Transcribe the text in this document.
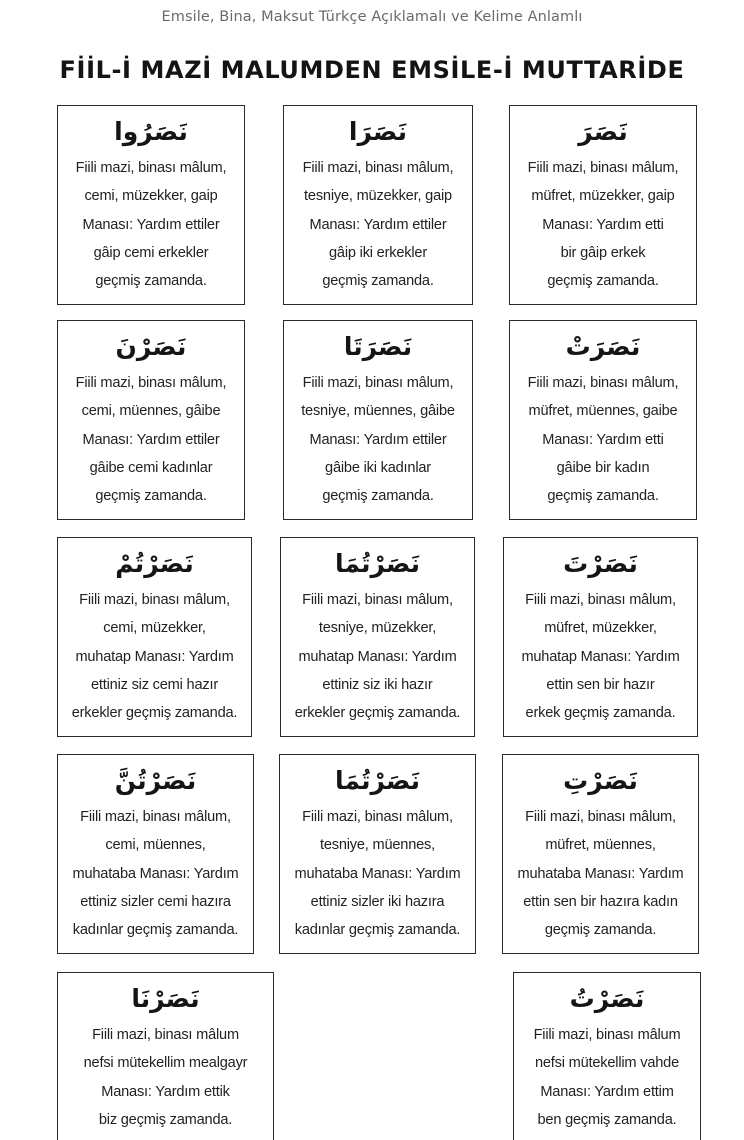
Emsile, Bina, Maksut Türkçe Açıklamalı ve Kelime Anlamlı
FİİL-İ MAZİ MALUMDEN EMSİLE-İ MUTTARİDE
نَصَرُوا
Fiili mazi, binası mâlum,
cemi, müzekker, gaip
Manası: Yardım ettiler
gâip cemi erkekler
geçmiş zamanda.
نَصَرَا
Fiili mazi, binası mâlum,
tesniye, müzekker, gaip
Manası: Yardım ettiler
gâip iki erkekler
geçmiş zamanda.
نَصَرَ
Fiili mazi, binası mâlum,
müfret, müzekker, gaip
Manası: Yardım etti
bir gâip erkek
geçmiş zamanda.
نَصَرْنَ
Fiili mazi, binası mâlum,
cemi, müennes, gâibe
Manası: Yardım ettiler
gâibe cemi kadınlar
geçmiş zamanda.
نَصَرَتَا
Fiili mazi, binası mâlum,
tesniye, müennes, gâibe
Manası: Yardım ettiler
gâibe iki kadınlar
geçmiş zamanda.
نَصَرَتْ
Fiili mazi, binası mâlum,
müfret, müennes, gaibe
Manası: Yardım etti
gâibe bir kadın
geçmiş zamanda.
نَصَرْتُمْ
Fiili mazi, binası mâlum,
cemi, müzekker,
muhatap Manası: Yardım
ettiniz siz cemi hazır
erkekler geçmiş zamanda.
نَصَرْتُمَا
Fiili mazi, binası mâlum,
tesniye, müzekker,
muhatap Manası: Yardım
ettiniz siz iki hazır
erkekler geçmiş zamanda.
نَصَرْتَ
Fiili mazi, binası mâlum,
müfret, müzekker,
muhatap Manası: Yardım
ettin sen bir hazır
erkek geçmiş zamanda.
نَصَرْتُنَّ
Fiili mazi, binası mâlum,
cemi, müennes,
muhataba Manası: Yardım
ettiniz sizler cemi hazıra
kadınlar geçmiş zamanda.
نَصَرْتُمَا
Fiili mazi, binası mâlum,
tesniye, müennes,
muhataba Manası: Yardım
ettiniz sizler iki hazıra
kadınlar geçmiş zamanda.
نَصَرْتِ
Fiili mazi, binası mâlum,
müfret, müennes,
muhataba Manası: Yardım
ettin sen bir hazıra kadın
geçmiş zamanda.
نَصَرْنَا
Fiili mazi, binası mâlum
nefsi mütekellim mealgayr
Manası: Yardım ettik
biz geçmiş zamanda.
نَصَرْتُ
Fiili mazi, binası mâlum
nefsi mütekellim vahde
Manası: Yardım ettim
ben geçmiş zamanda.
